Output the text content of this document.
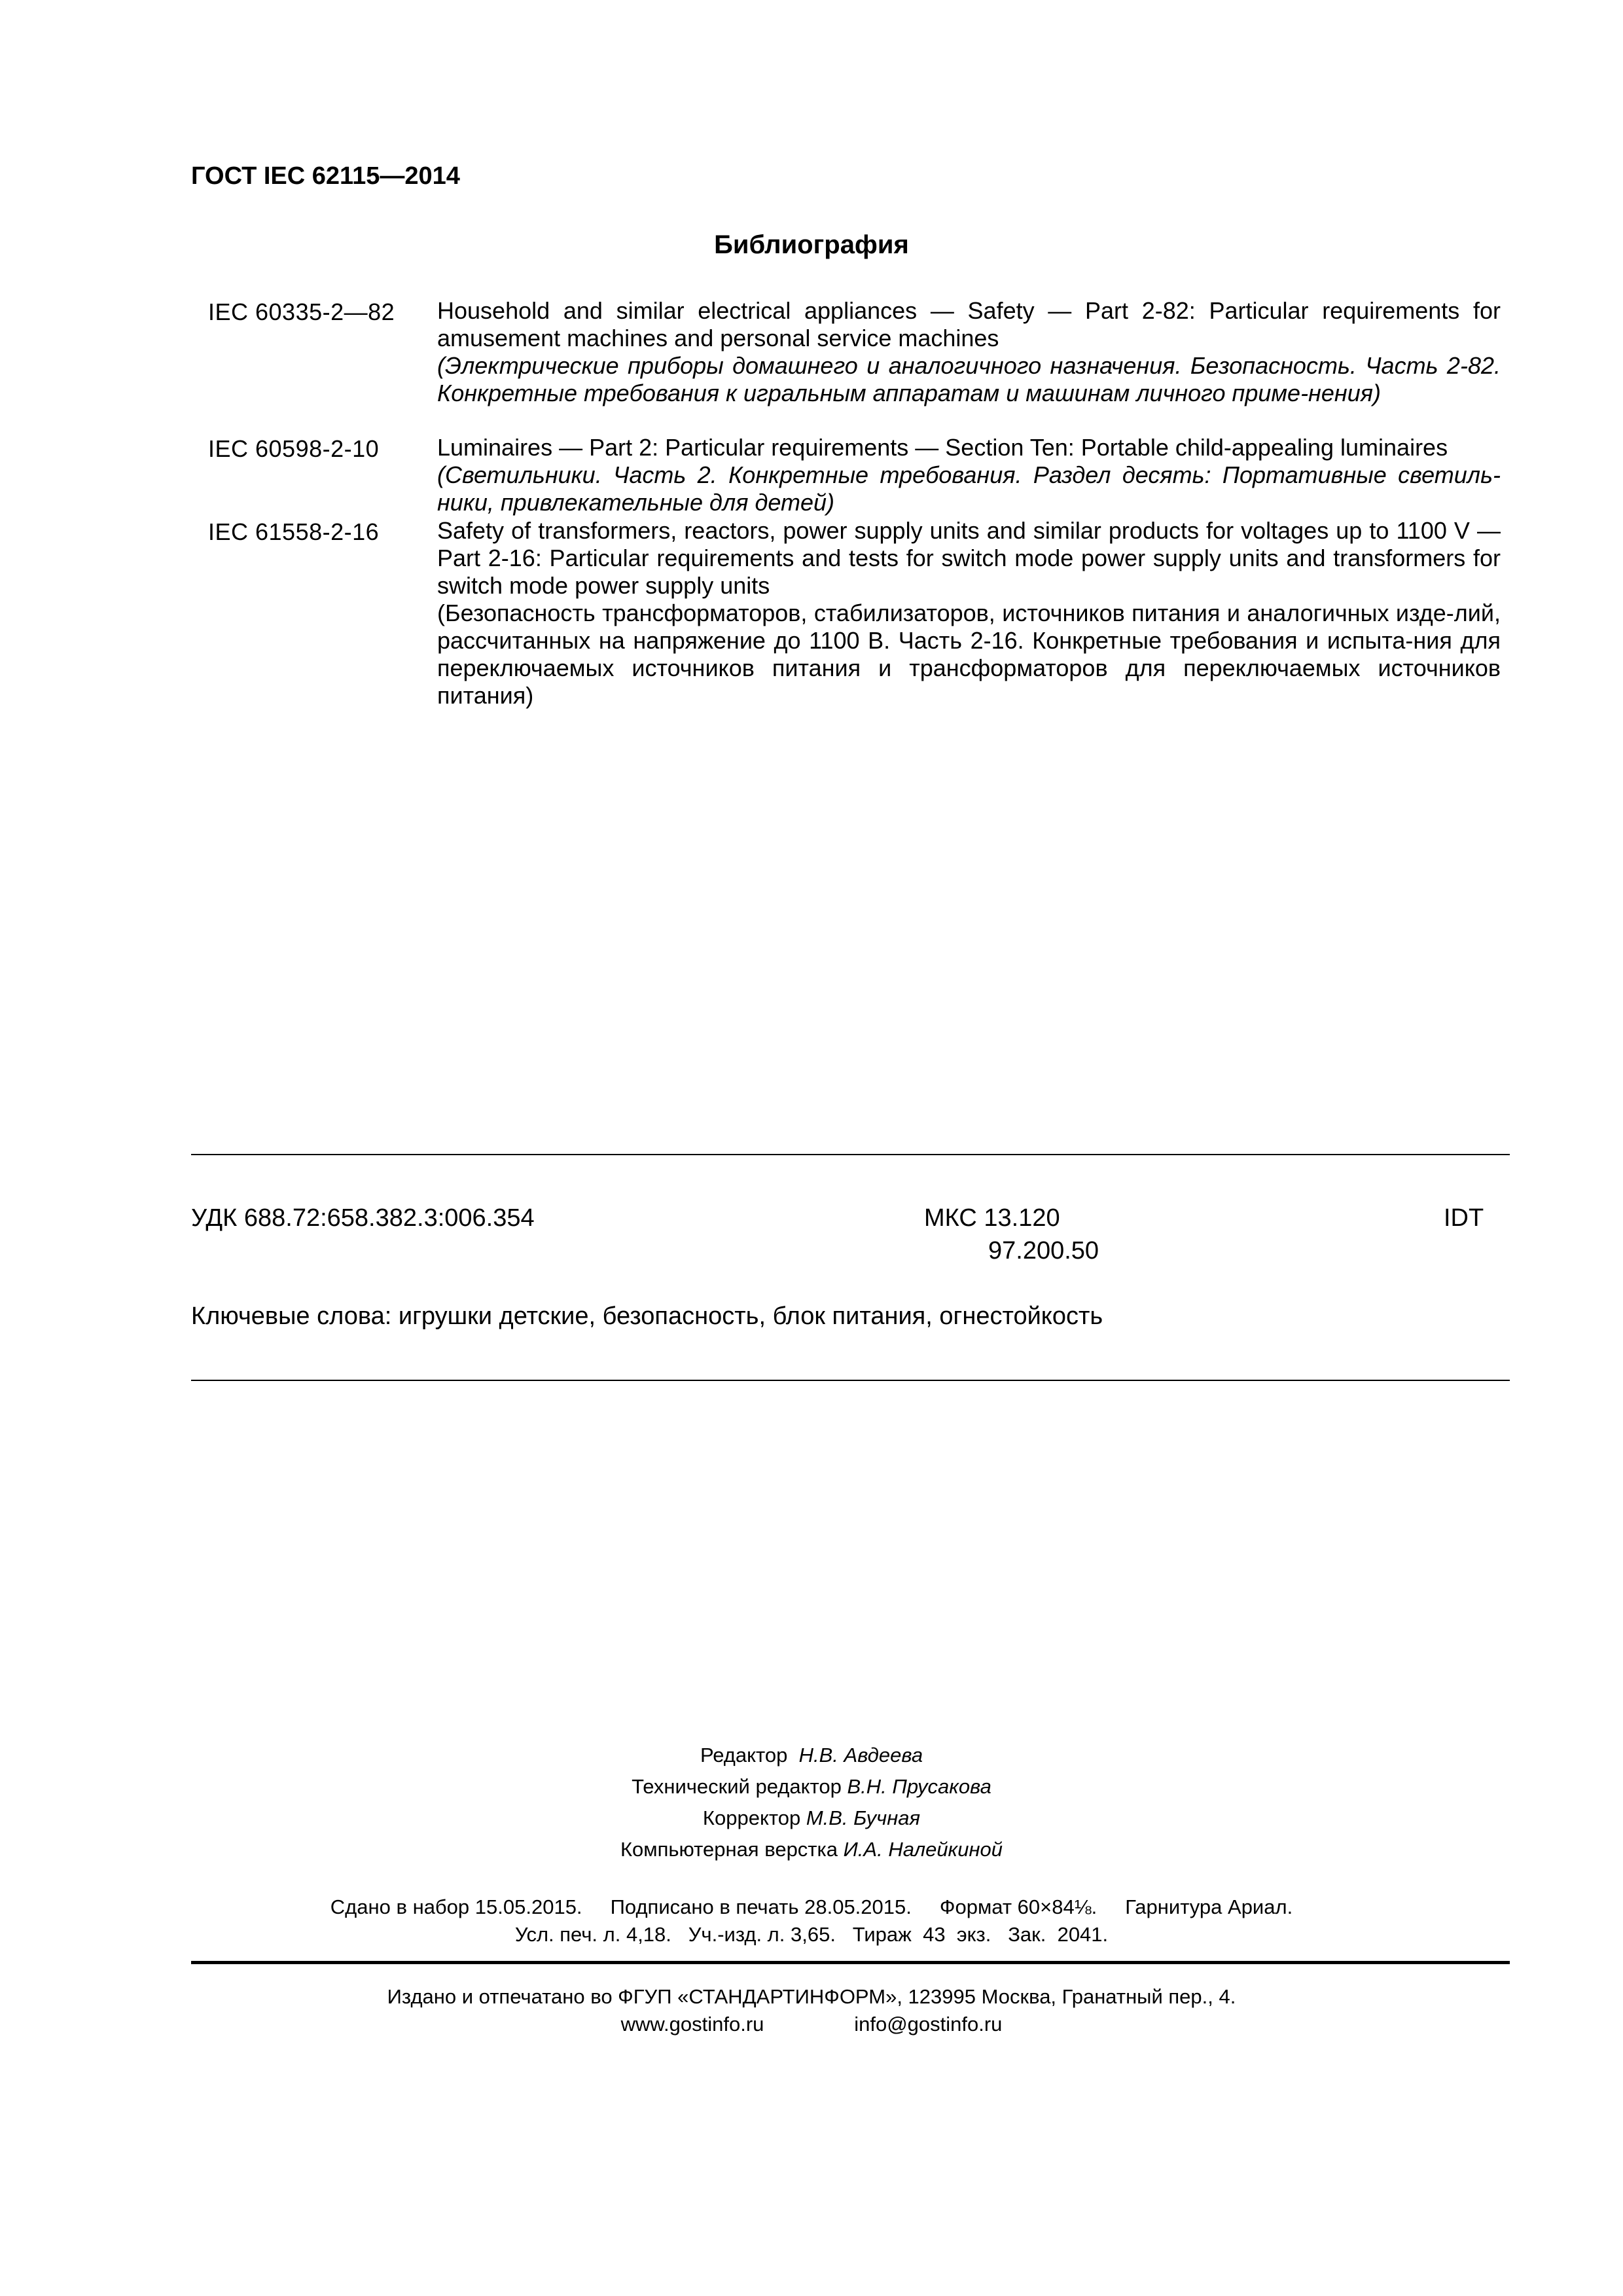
ГОСТ IEC 62115—2014
Библиография
IEC 60335-2—82 Household and similar electrical appliances — Safety — Part 2-82: Particular requirements for amusement machines and personal service machines
(Электрические приборы домашнего и аналогичного назначения. Безопасность. Часть 2-82. Конкретные требования к игральным аппаратам и машинам личного приме-нения)
IEC 60598-2-10 Luminaires — Part 2: Particular requirements — Section Ten: Portable child-appealing luminaires
(Светильники. Часть 2. Конкретные требования. Раздел десять: Портативные светиль-ники, привлекательные для детей)
IEC 61558-2-16 Safety of transformers, reactors, power supply units and similar products for voltages up to 1100 V — Part 2-16: Particular requirements and tests for switch mode power supply units and transformers for switch mode power supply units
(Безопасность трансформаторов, стабилизаторов, источников питания и аналогичных изде-лий, рассчитанных на напряжение до 1100 В. Часть 2-16. Конкретные требования и испыта-ния для переключаемых источников питания и трансформаторов для переключаемых источников питания)
УДК 688.72:658.382.3:006.354	МКС 13.120
97.200.50
IDT
Ключевые слова: игрушки детские, безопасность, блок питания, огнестойкость
Редактор Н.В. Авдеева
Технический редактор В.Н. Прусакова
Корректор М.В. Бучная
Компьютерная верстка И.А. Налейкиной
Сдано в набор 15.05.2015.     Подписано в печать 28.05.2015.     Формат 60×84⅛.     Гарнитура Ариал.
Усл. печ. л. 4,18.   Уч.-изд. л. 3,65.   Тираж  43  экз.   Зак.  2041.
Издано и отпечатано во ФГУП «СТАНДАРТИНФОРМ», 123995 Москва, Гранатный пер., 4.
www.gostinfo.ru	info@gostinfo.ru
